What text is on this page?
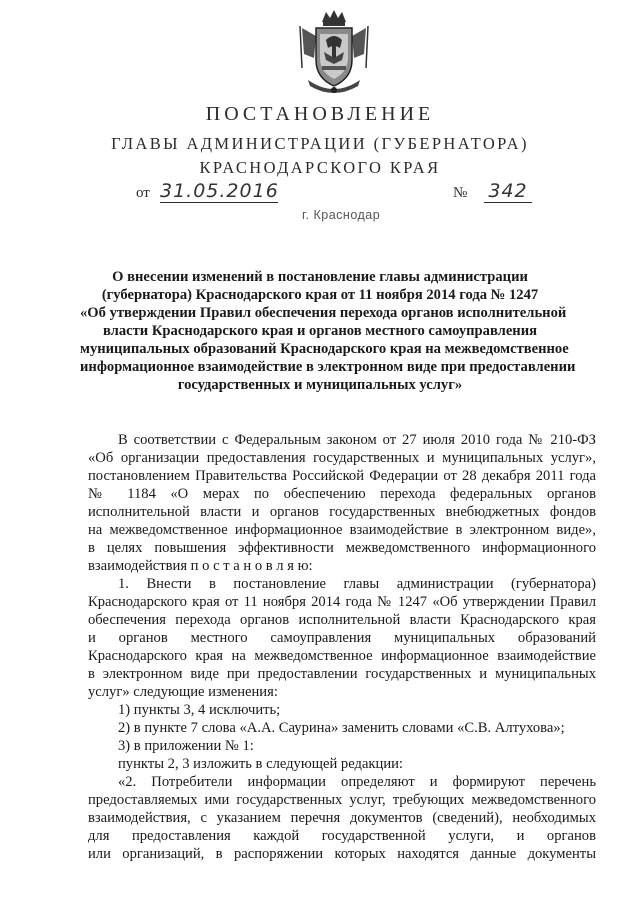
ПОСТАНОВЛЕНИЕ
ГЛАВЫ АДМИНИСТРАЦИИ (ГУБЕРНАТОРА)
КРАСНОДАРСКОГО КРАЯ
от 31.05.2016	№ 342
г. Краснодар
О внесении изменений в постановление главы администрации
(губернатора) Краснодарского края от 11 ноября 2014 года № 1247
«Об утверждении Правил обеспечения перехода органов исполнительной
власти Краснодарского края и органов местного самоуправления
муниципальных образований Краснодарского края на межведомственное
информационное взаимодействие в электронном виде при предоставлении
государственных и муниципальных услуг»
В соответствии с Федеральным законом от 27 июля 2010 года № 210-ФЗ
«Об организации предоставления государственных и муниципальных услуг»,
постановлением Правительства Российской Федерации от 28 декабря 2011 года
№ 1184 «О мерах по обеспечению перехода федеральных органов
исполнительной власти и органов государственных внебюджетных фондов
на межведомственное информационное взаимодействие в электронном виде»,
в целях повышения эффективности межведомственного информационного
взаимодействия п о с т а н о в л я ю:
1. Внести в постановление главы администрации (губернатора)
Краснодарского края от 11 ноября 2014 года № 1247 «Об утверждении Правил
обеспечения перехода органов исполнительной власти Краснодарского края
и органов местного самоуправления муниципальных образований
Краснодарского края на межведомственное информационное взаимодействие
в электронном виде при предоставлении государственных и муниципальных
услуг» следующие изменения:
1) пункты 3, 4 исключить;
2) в пункте 7 слова «А.А. Саурина» заменить словами «С.В. Алтухова»;
3) в приложении № 1:
пункты 2, 3 изложить в следующей редакции:
«2. Потребители информации определяют и формируют перечень
предоставляемых ими государственных услуг, требующих межведомственного
взаимодействия, с указанием перечня документов (сведений), необходимых
для предоставления каждой государственной услуги, и органов
или организаций, в распоряжении которых находятся данные документы
